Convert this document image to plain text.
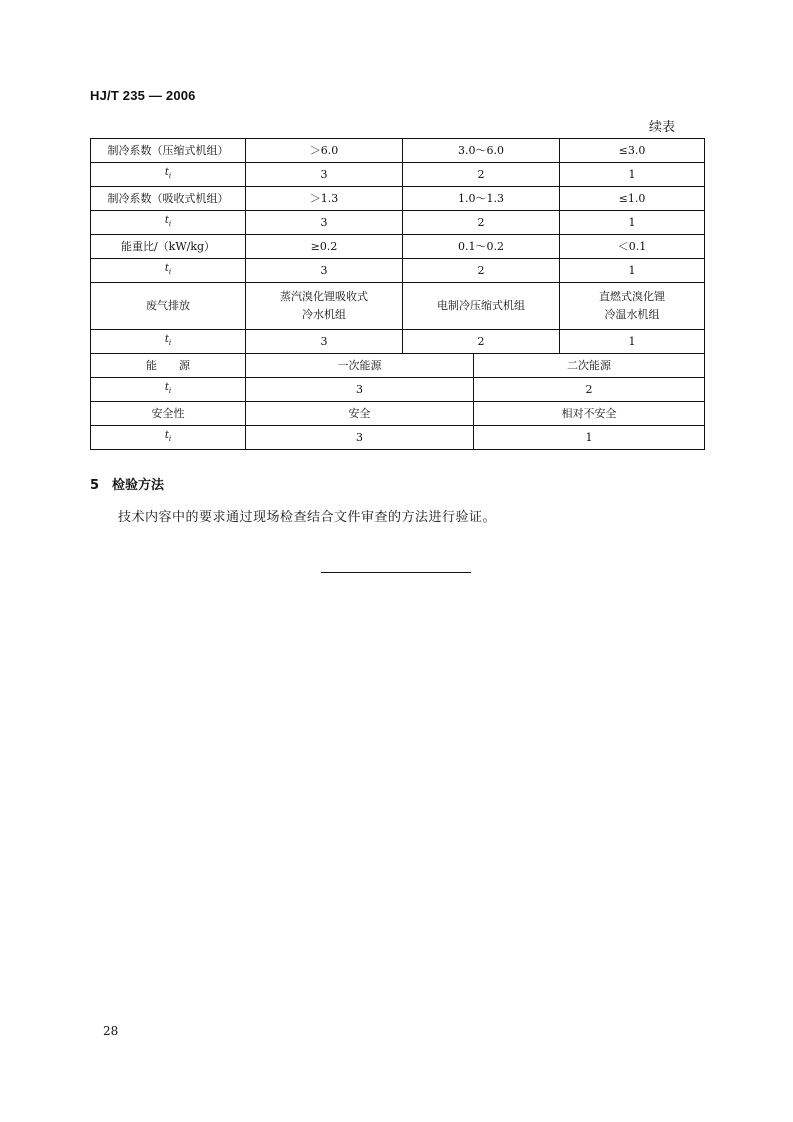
HJ/T 235 — 2006
续表
制冷系数（压缩式机组）	＞6.0	3.0～6.0	≤3.0
$t_i$	3	2	1
制冷系数（吸收式机组）	＞1.3	1.0～1.3	≤1.0
$t_i$	3	2	1
能重比/（kW/kg）	≥0.2	0.1～0.2	＜0.1
$t_i$	3	2	1
废气排放	蒸汽溴化锂吸收式冷水机组	电制冷压缩式机组	直燃式溴化锂冷温水机组

$t_i$	3	2	1
能　　源	一次能源	二次能源
$t_i$	3	2
安全性	安全	相对不安全
$t_i$	3	1
5　检验方法
技术内容中的要求通过现场检查结合文件审查的方法进行验证。
28
